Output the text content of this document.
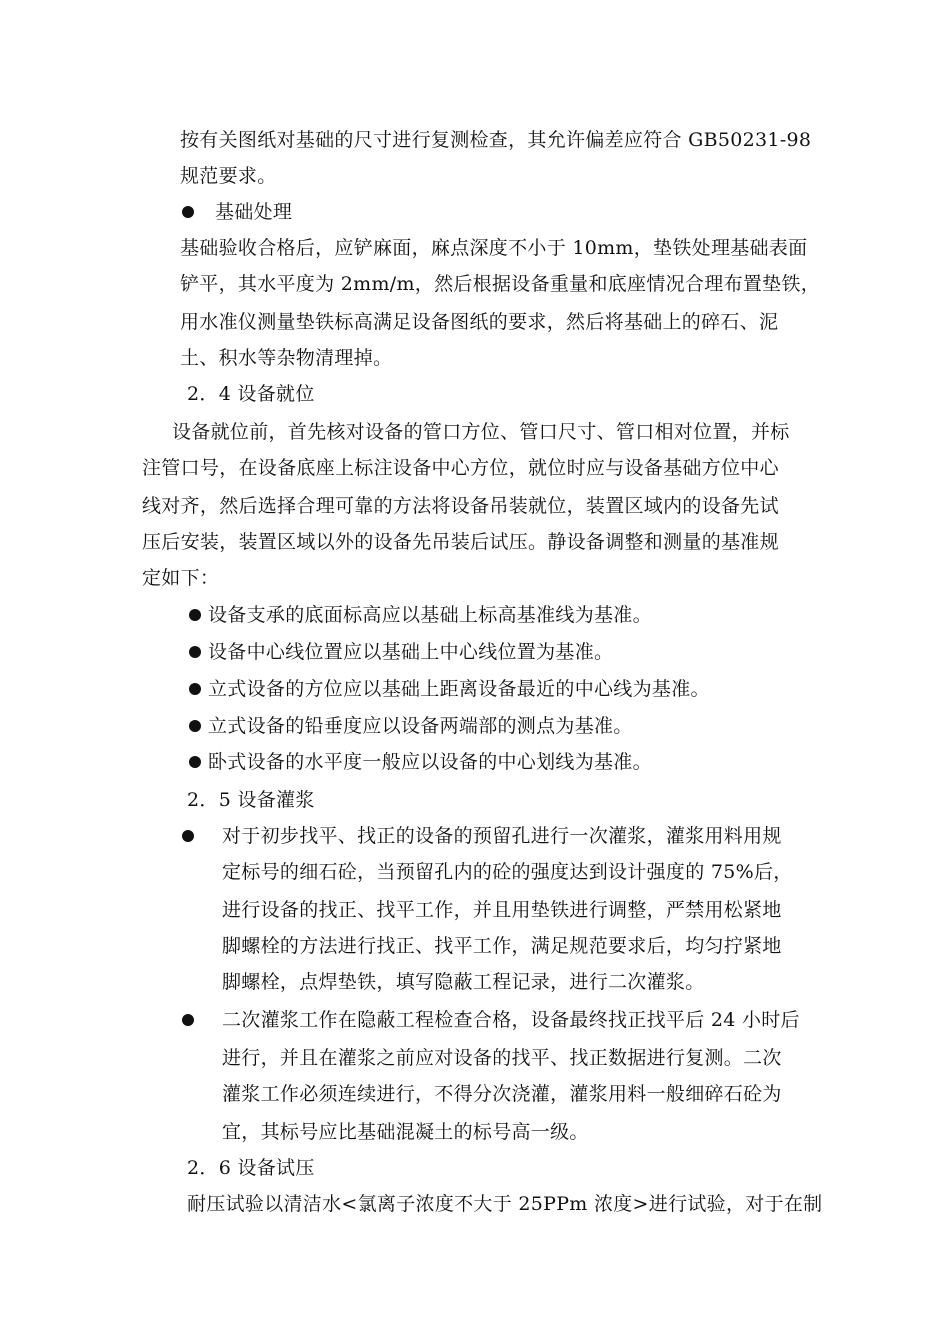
按有关图纸对基础的尺寸进行复测检查，其允许偏差应符合 GB50231-98
规范要求。
基础处理
基础验收合格后，应铲麻面，麻点深度不小于 10mm，垫铁处理基础表面
铲平，其水平度为 2mm/m，然后根据设备重量和底座情况合理布置垫铁，
用水准仪测量垫铁标高满足设备图纸的要求，然后将基础上的碎石、泥
土、积水等杂物清理掉。
2．4 设备就位
设备就位前，首先核对设备的管口方位、管口尺寸、管口相对位置，并标
注管口号，在设备底座上标注设备中心方位，就位时应与设备基础方位中心
线对齐，然后选择合理可靠的方法将设备吊装就位，装置区域内的设备先试
压后安装，装置区域以外的设备先吊装后试压。静设备调整和测量的基准规
定如下：
设备支承的底面标高应以基础上标高基准线为基准。
设备中心线位置应以基础上中心线位置为基准。
立式设备的方位应以基础上距离设备最近的中心线为基准。
立式设备的铅垂度应以设备两端部的测点为基准。
卧式设备的水平度一般应以设备的中心划线为基准。
2．5 设备灌浆
对于初步找平、找正的设备的预留孔进行一次灌浆，灌浆用料用规
定标号的细石砼，当预留孔内的砼的强度达到设计强度的 75%后，
进行设备的找正、找平工作，并且用垫铁进行调整，严禁用松紧地
脚螺栓的方法进行找正、找平工作，满足规范要求后，均匀拧紧地
脚螺栓，点焊垫铁，填写隐蔽工程记录，进行二次灌浆。
二次灌浆工作在隐蔽工程检查合格，设备最终找正找平后 24 小时后
进行，并且在灌浆之前应对设备的找平、找正数据进行复测。二次
灌浆工作必须连续进行，不得分次浇灌，灌浆用料一般细碎石砼为
宜，其标号应比基础混凝土的标号高一级。
2．6 设备试压
耐压试验以清洁水<氯离子浓度不大于 25PPm 浓度>进行试验，对于在制
